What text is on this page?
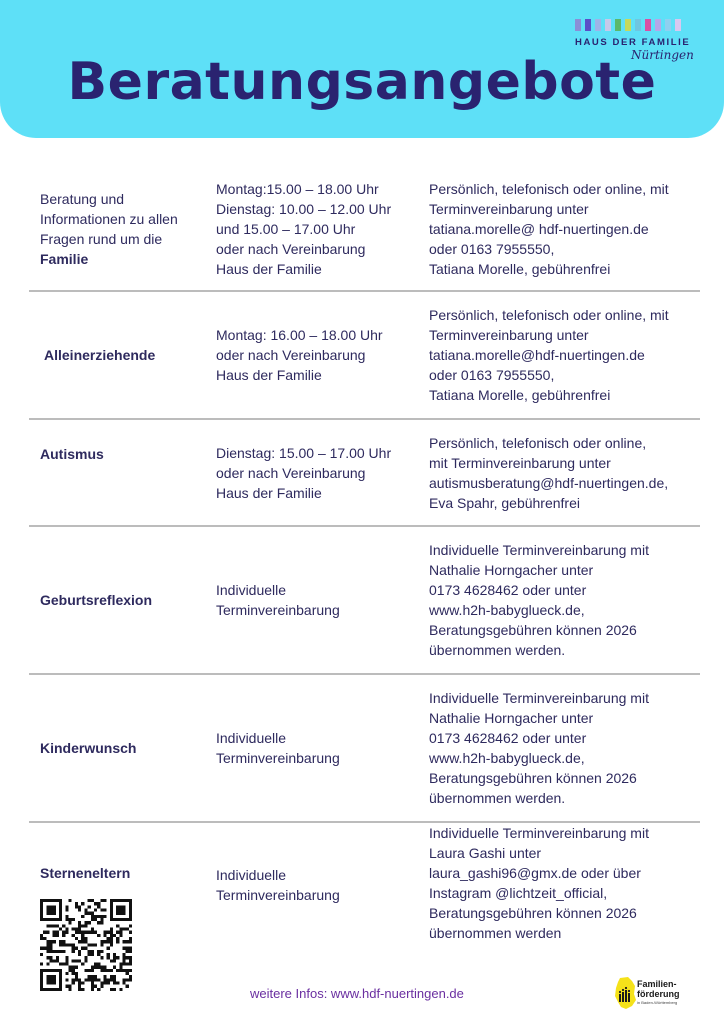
Beratungsangebote
HAUS DER FAMILIE
Nürtingen
Beratung und
Informationen zu allen
Fragen rund um die
Familie
Montag:15.00 – 18.00 Uhr
Dienstag: 10.00 – 12.00 Uhr
und 15.00 – 17.00 Uhr
oder nach Vereinbarung
Haus der Familie
Persönlich, telefonisch oder online, mit
Terminvereinbarung unter
tatiana.morelle@ hdf-nuertingen.de
oder 0163 7955550,
Tatiana Morelle, gebührenfrei
Alleinerziehende
Montag: 16.00 – 18.00 Uhr
oder nach Vereinbarung
Haus der Familie
Persönlich, telefonisch oder online, mit
Terminvereinbarung unter
tatiana.morelle@hdf-nuertingen.de
oder 0163 7955550,
Tatiana Morelle, gebührenfrei
Autismus	Dienstag: 15.00 – 17.00 Uhr
oder nach Vereinbarung
Haus der Familie
Persönlich, telefonisch oder online,
mit Terminvereinbarung unter
autismusberatung@hdf-nuertingen.de,
Eva Spahr, gebührenfrei
Geburtsreflexion
Individuelle
Terminvereinbarung
Individuelle Terminvereinbarung mit
Nathalie Horngacher unter
0173 4628462 oder unter
www.h2h-babyglueck.de,
Beratungsgebühren können 2026
übernommen werden.
Kinderwunsch
Individuelle
Terminvereinbarung
Individuelle Terminvereinbarung mit
Nathalie Horngacher unter
0173 4628462 oder unter
www.h2h-babyglueck.de,
Beratungsgebühren können 2026
übernommen werden.
Sterneneltern	Individuelle
Terminvereinbarung
Individuelle Terminvereinbarung mit
Laura Gashi unter
laura_gashi96@gmx.de oder über
Instagram @lichtzeit_official,
Beratungsgebühren können 2026
übernommen werden
weitere Infos: www.hdf-nuertingen.de
Familien-
förderung
in Baden-Württemberg
